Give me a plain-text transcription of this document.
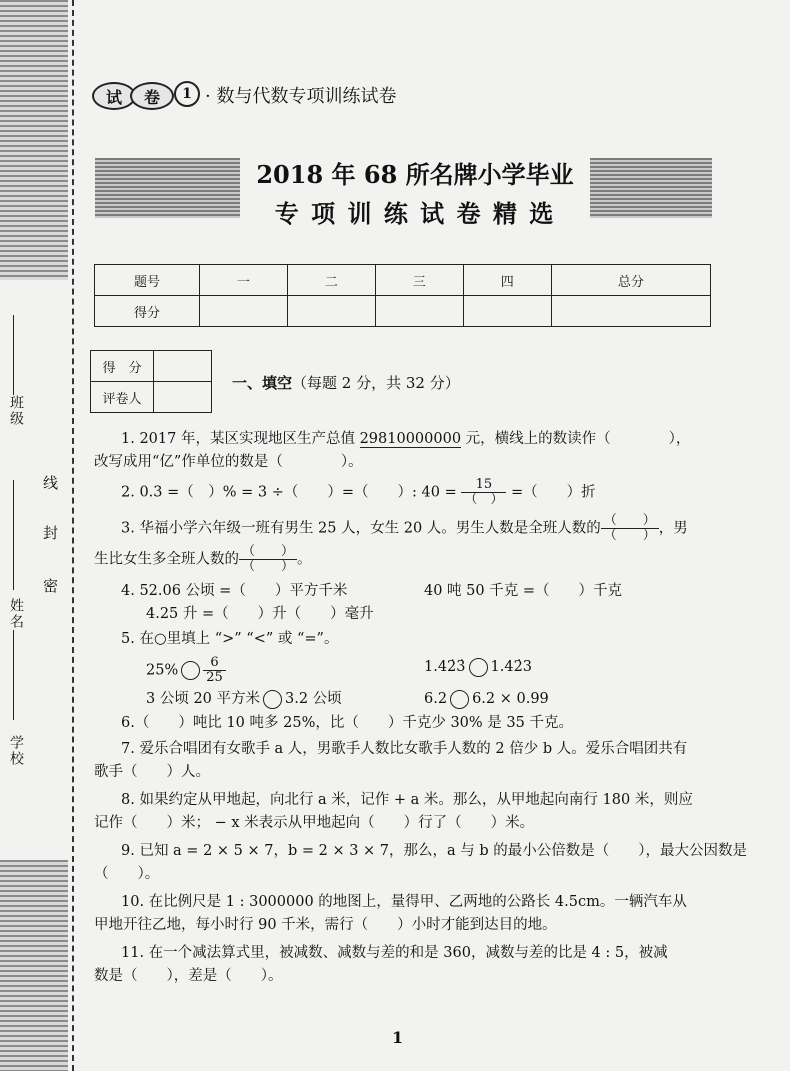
班级
姓名
学校
线
封
密
试	卷	1 · 数与代数专项训练试卷
2018 年 68 所名牌小学毕业
专 项 训 练 试 卷 精 选
题号	一	二	三	四	总分
得分					
得　分	
评卷人	
一、填空（每题 2 分，共 32 分）
1. 2017 年，某区实现地区生产总值 29810000000 元，横线上的数读作（　　　　），
改写成用“亿”作单位的数是（　　　　）。
2. 0.3 =（　）% = 3 ÷（　　）=（　　）: $40 = \frac{15}{( )}$ =（　　）折
3. 华福小学六年级一班有男生 25 人，女生 20 人。男生人数是全班人数的 $\frac{( )}{( )}$ ，男
生比女生多全班人数的 $\frac{( )}{( )}$ 。
4. 52.06 公顷 =（　　）平方千米	40 吨 50 千克 =（　　）千克
4.25 升 =（　　）升（　　）毫升
5. 在○里填上 “>” “<” 或 “=”。
$25\% \frac{6}{25}$	1.42̇3̇ 1.42̇3
3 公顷 20 平方米 3.2 公顷	6.2 6.2 × 0.99
6.（　　）吨比 10 吨多 25%，比（　　）千克少 30% 是 35 千克。
7. 爱乐合唱团有女歌手 a 人，男歌手人数比女歌手人数的 2 倍少 b 人。爱乐合唱团共有
歌手（　　）人。
8. 如果约定从甲地起，向北行 a 米，记作 + a 米。那么，从甲地起向南行 180 米，则应
记作（　　）米； − x 米表示从甲地起向（　　）行了（　　）米。
9. 已知 a = 2 × 5 × 7，b = 2 × 3 × 7，那么，a 与 b 的最小公倍数是（　　），最大公因数是
（　　）。
10. 在比例尺是 1 : 3000000 的地图上，量得甲、乙两地的公路长 4.5cm。一辆汽车从
甲地开往乙地，每小时行 90 千米，需行（　　）小时才能到达目的地。
11. 在一个减法算式里，被减数、减数与差的和是 360，减数与差的比是 4 : 5，被减
数是（　　），差是（　　）。
1
